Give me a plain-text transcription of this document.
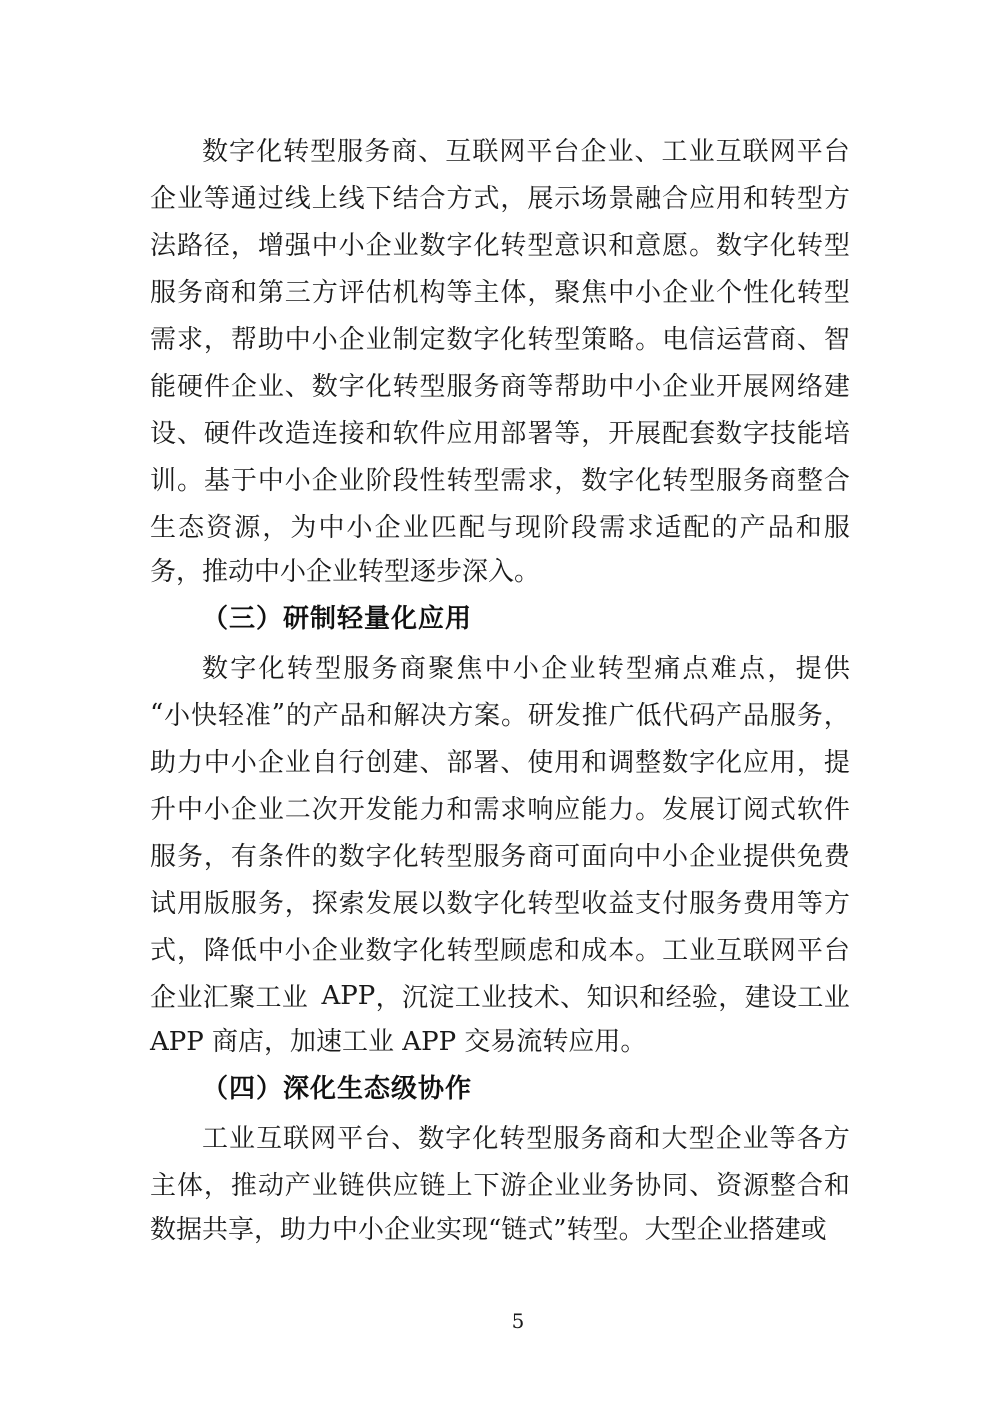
数 字 化 转 型 服 务 商 、 互 联 网 平 台 企 业 、 工 业 互 联 网 平 台
企 业 等 通 过 线 上 线 下 结 合 方 式 ， 展 示 场 景 融 合 应 用 和 转 型 方
法 路 径 ， 增 强 中 小 企 业 数 字 化 转 型 意 识 和 意 愿 。 数 字 化 转 型
服 务 商 和 第 三 方 评 估 机 构 等 主 体 ， 聚 焦 中 小 企 业 个 性 化 转 型
需 求 ， 帮 助 中 小 企 业 制 定 数 字 化 转 型 策 略 。 电 信 运 营 商 、 智
能 硬 件 企 业 、 数 字 化 转 型 服 务 商 等 帮 助 中 小 企 业 开 展 网 络 建
设 、 硬 件 改 造 连 接 和 软 件 应 用 部 署 等 ， 开 展 配 套 数 字 技 能 培
训 。 基 于 中 小 企 业 阶 段 性 转 型 需 求 ， 数 字 化 转 型 服 务 商 整 合
生 态 资 源 ， 为 中 小 企 业 匹 配 与 现 阶 段 需 求 适 配 的 产 品 和 服
务，推动中小企业转型逐步深入。
（三）研制轻量化应用
数 字 化 转 型 服 务 商 聚 焦 中 小 企 业 转 型 痛 点 难 点 ， 提 供
“ 小 快 轻 准 ” 的 产 品 和 解 决 方 案 。 研 发 推 广 低 代 码 产 品 服 务 ，
助 力 中 小 企 业 自 行 创 建 、 部 署 、 使 用 和 调 整 数 字 化 应 用 ， 提
升 中 小 企 业 二 次 开 发 能 力 和 需 求 响 应 能 力 。 发 展 订 阅 式 软 件
服 务 ， 有 条 件 的 数 字 化 转 型 服 务 商 可 面 向 中 小 企 业 提 供 免 费
试 用 版 服 务 ， 探 索 发 展 以 数 字 化 转 型 收 益 支 付 服 务 费 用 等 方
式 ， 降 低 中 小 企 业 数 字 化 转 型 顾 虑 和 成 本 。 工 业 互 联 网 平 台
企 业 汇 聚 工 业 APP ， 沉 淀 工 业 技 术 、 知 识 和 经 验 ， 建 设 工 业
APP 商店，加速工业 APP 交易流转应用。
（四）深化生态级协作
工 业 互 联 网 平 台 、 数 字 化 转 型 服 务 商 和 大 型 企 业 等 各 方
主 体 ， 推 动 产 业 链 供 应 链 上 下 游 企 业 业 务 协 同 、 资 源 整 合 和
数据共享，助力中小企业实现“链式”转型。大型企业搭建或
5
